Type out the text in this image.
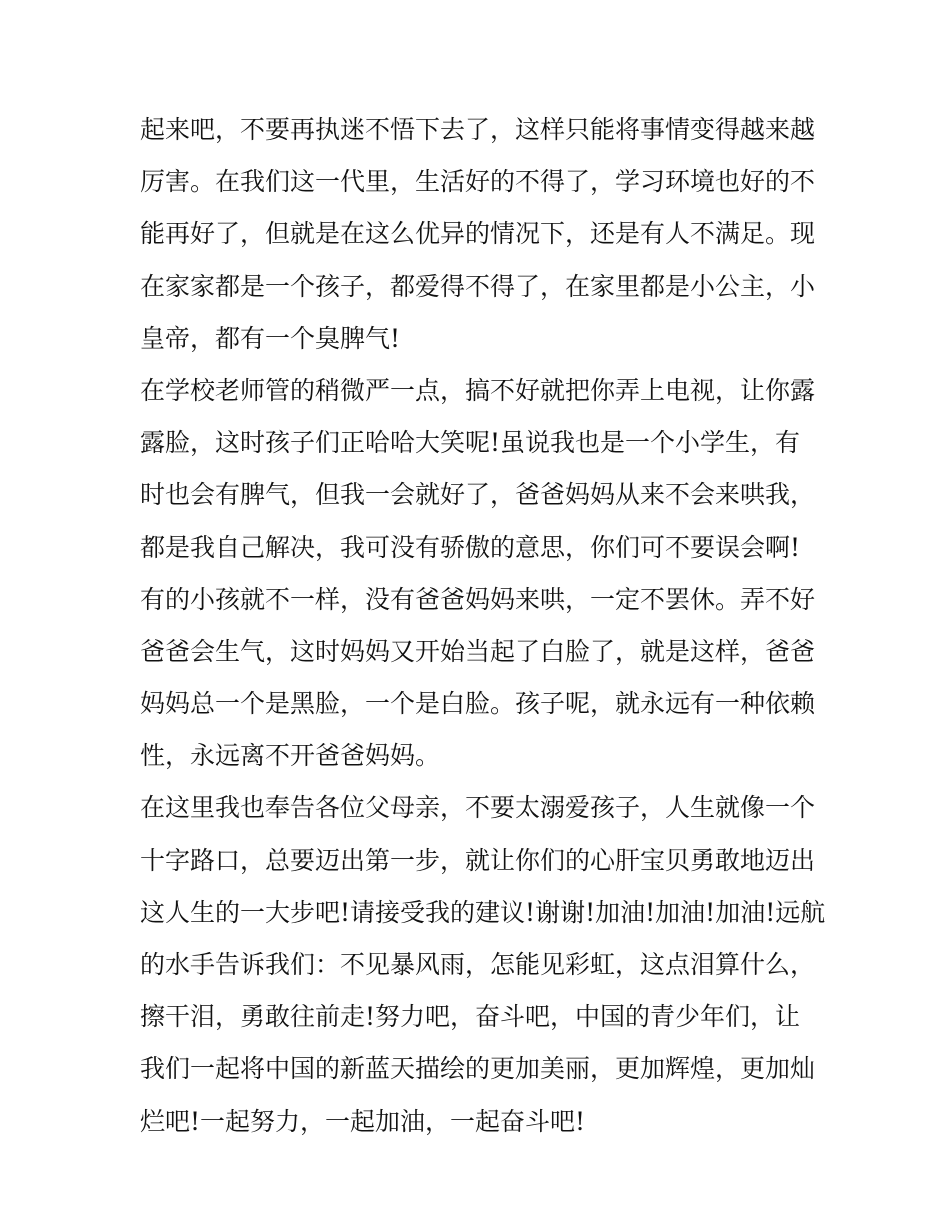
起来吧，不要再执迷不悟下去了，这样只能将事情变得越来越
厉害。在我们这一代里，生活好的不得了，学习环境也好的不
能再好了，但就是在这么优异的情况下，还是有人不满足。现
在家家都是一个孩子，都爱得不得了，在家里都是小公主，小
皇帝，都有一个臭脾气!
在学校老师管的稍微严一点，搞不好就把你弄上电视，让你露
露脸，这时孩子们正哈哈大笑呢!虽说我也是一个小学生，有
时也会有脾气，但我一会就好了，爸爸妈妈从来不会来哄我，
都是我自己解决，我可没有骄傲的意思，你们可不要误会啊!
有的小孩就不一样，没有爸爸妈妈来哄，一定不罢休。弄不好
爸爸会生气，这时妈妈又开始当起了白脸了，就是这样，爸爸
妈妈总一个是黑脸，一个是白脸。孩子呢，就永远有一种依赖
性，永远离不开爸爸妈妈。
在这里我也奉告各位父母亲，不要太溺爱孩子，人生就像一个
十字路口，总要迈出第一步，就让你们的心肝宝贝勇敢地迈出
这人生的一大步吧!请接受我的建议!谢谢!加油!加油!加油!远航
的水手告诉我们：不见暴风雨，怎能见彩虹，这点泪算什么，
擦干泪，勇敢往前走!努力吧，奋斗吧，中国的青少年们，让
我们一起将中国的新蓝天描绘的更加美丽，更加辉煌，更加灿
烂吧!一起努力，一起加油，一起奋斗吧!
